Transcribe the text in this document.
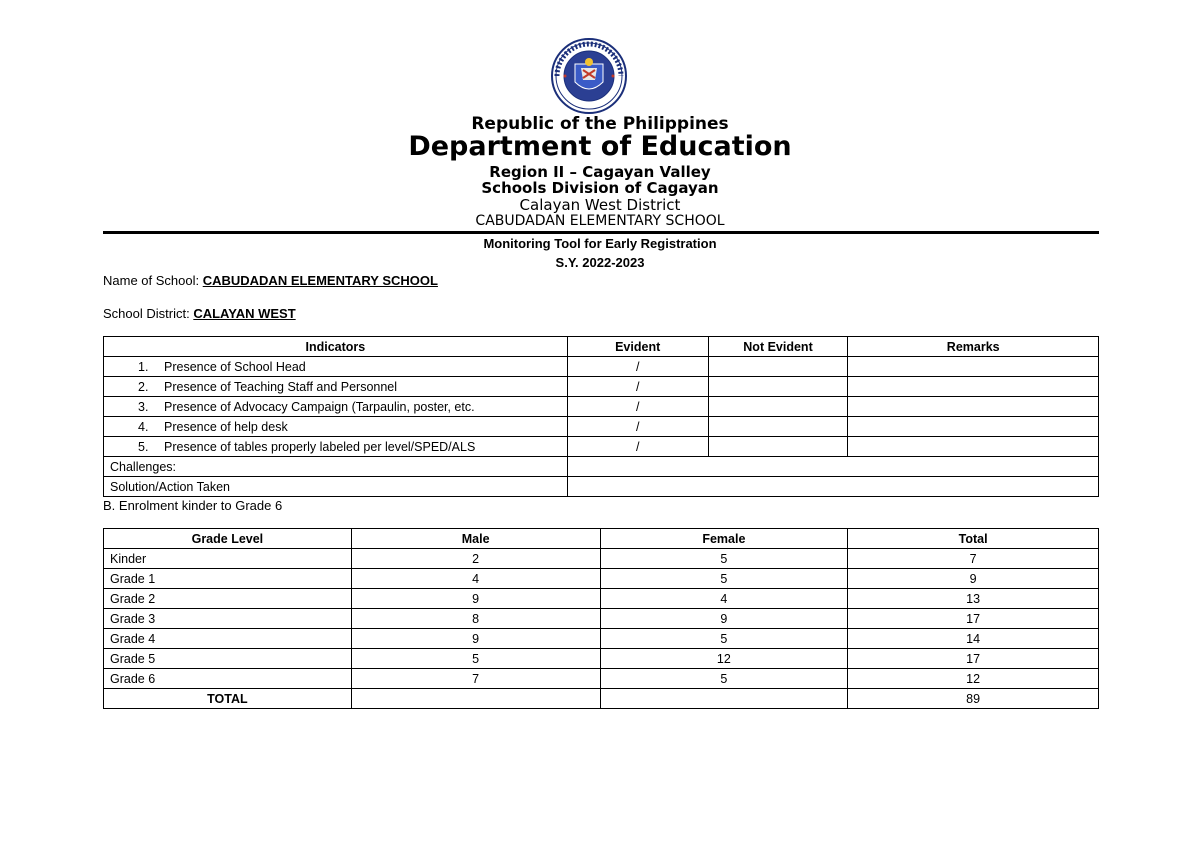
Republic of the Philippines
Department of Education
Region II – Cagayan Valley
Schools Division of Cagayan
Calayan West District
CABUDADAN ELEMENTARY SCHOOL
Monitoring Tool for Early Registration
S.Y. 2022-2023
Name of School: CABUDADAN ELEMENTARY SCHOOL
School District: CALAYAN WEST
Indicators	Evident	Not Evident	Remarks
1. Presence of School Head	/		
2. Presence of Teaching Staff and Personnel	/		
3. Presence of Advocacy Campaign (Tarpaulin, poster, etc.	/		
4. Presence of help desk	/		
5. Presence of tables properly labeled per level/SPED/ALS	/		
Challenges:			
Solution/Action Taken			
B. Enrolment kinder to Grade 6
Grade Level	Male	Female	Total
Kinder	2	5	7
Grade 1	4	5	9
Grade 2	9	4	13
Grade 3	8	9	17
Grade 4	9	5	14
Grade 5	5	12	17
Grade 6	7	5	12
TOTAL			89
